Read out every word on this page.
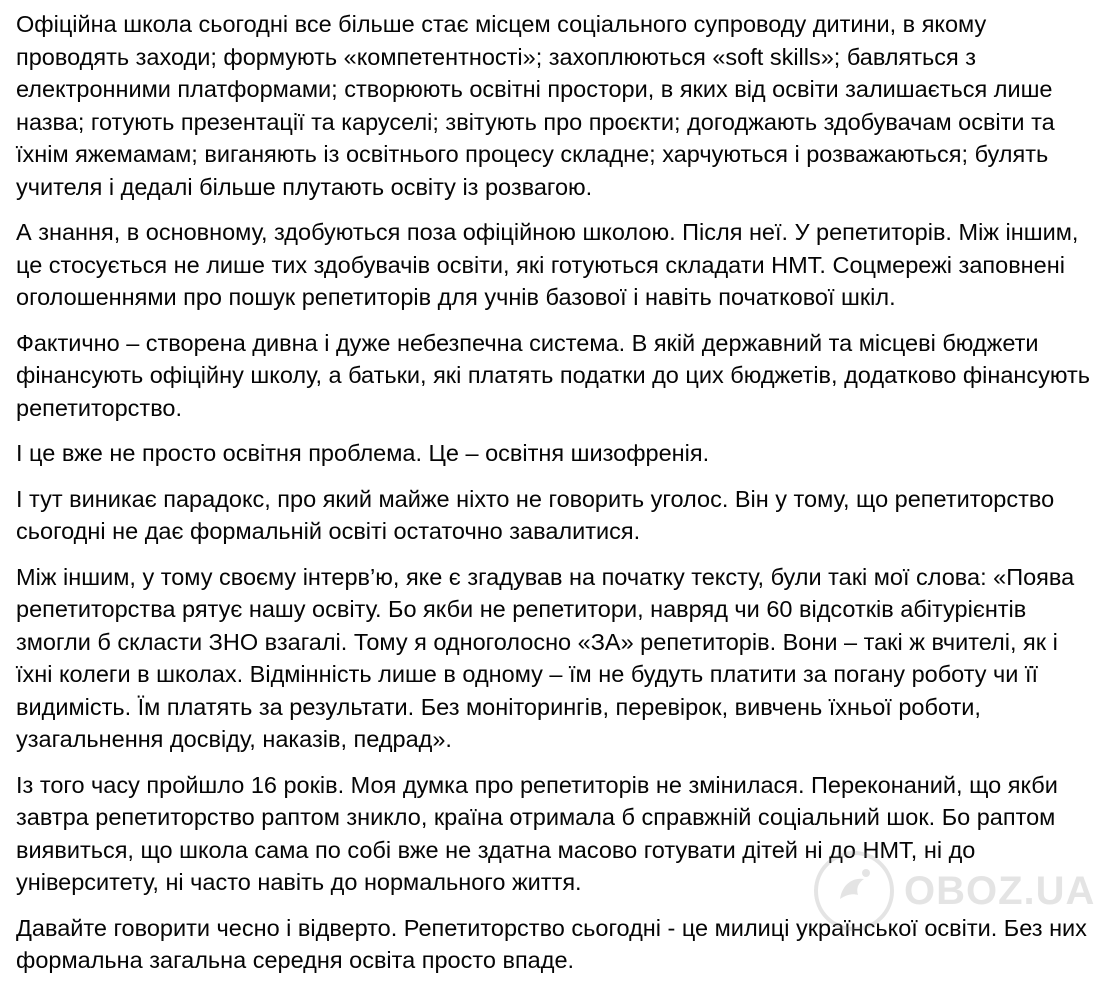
Офіційна школа сьогодні все більше стає місцем соціального супроводу дитини, в якому проводять заходи; формують «компетентності»; захоплюються «soft skills»; бавляться з електронними платформами; створюють освітні простори, в яких від освіти залишається лише назва; готують презентації та каруселі; звітують про проєкти; догоджають здобувачам освіти та їхнім яжемамам; виганяють із освітнього процесу складне; харчуються і розважаються; булять учителя і дедалі більше плутають освіту із розвагою.

А знання, в основному, здобуються поза офіційною школою. Після неї. У репетиторів. Між іншим, це стосується не лише тих здобувачів освіти, які готуються складати НМТ. Соцмережі заповнені оголошеннями про пошук репетиторів для учнів базової і навіть початкової шкіл.

Фактично – створена дивна і дуже небезпечна система. В якій державний та місцеві бюджети фінансують офіційну школу, а батьки, які платять податки до цих бюджетів, додатково фінансують репетиторство.

І це вже не просто освітня проблема. Це – освітня шизофренія.

І тут виникає парадокс, про який майже ніхто не говорить уголос. Він у тому, що репетиторство сьогодні не дає формальній освіті остаточно завалитися.

Між іншим, у тому своєму інтерв’ю, яке є згадував на початку тексту, були такі мої слова: «Поява репетиторства рятує нашу освіту. Бо якби не репетитори, навряд чи 60 відсотків абітурієнтів змогли б скласти ЗНО взагалі. Тому я одноголосно «ЗА» репетиторів. Вони – такі ж вчителі, як і їхні колеги в школах. Відмінність лише в одному – їм не будуть платити за погану роботу чи її видимість. Їм платять за результати. Без моніторингів, перевірок, вивчень їхньої роботи, узагальнення досвіду, наказів, педрад».

Із того часу пройшло 16 років. Моя думка про репетиторів не змінилася. Переконаний, що якби завтра репетиторство раптом зникло, країна отримала б справжній соціальний шок. Бо раптом виявиться, що школа сама по собі вже не здатна масово готувати дітей ні до НМТ, ні до університету, ні часто навіть до нормального життя.

Давайте говорити чесно і відверто. Репетиторство сьогодні - це милиці української освіти. Без них формальна загальна середня освіта просто впаде.

OBOZ.UA
